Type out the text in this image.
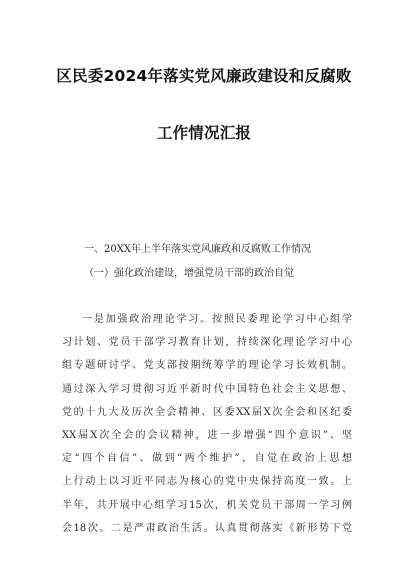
区民委2024年落实党风廉政建设和反腐败
工作情况汇报
一、20XX年上半年落实党风廉政和反腐败工作情况
（一）强化政治建设，增强党员干部的政治自觉
一是加强政治理论学习。按照民委理论学习中心组学
习计划、党员干部学习教育计划，持续深化理论学习中心
组专题研讨学、党支部按期统筹学的理论学习长效机制。
通过深入学习贯彻习近平新时代中国特色社会主义思想、
党的十九大及历次全会精神、区委XX届X次全会和区纪委
XX届X次全会的会议精神，进一步增强“四个意识”、坚
定“四个自信”、做到“两个维护”，自觉在政治上思想
上行动上以习近平同志为核心的党中央保持高度一致。上
半年，共开展中心组学习15次，机关党员干部周一学习例
会18次。二是严肃政治生活。认真贯彻落实《新形势下党
